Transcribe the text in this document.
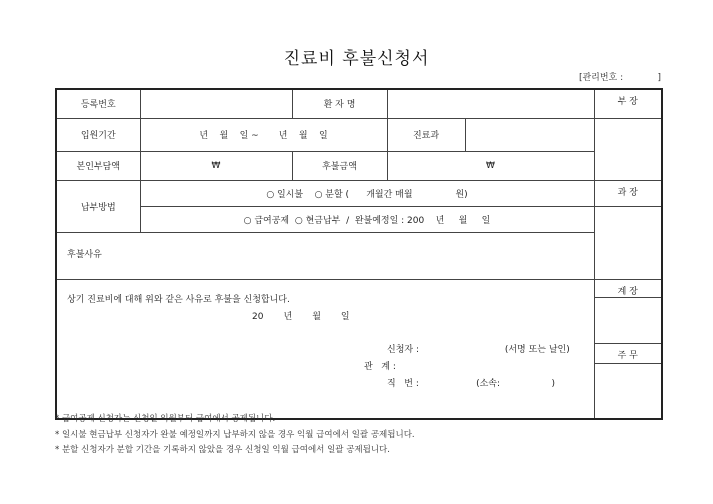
진료비 후불신청서
[관리번호 :	]
등록번호		환 자 명			부 장
입원기간	년    월    일 ~       년    월    일		진료과		
본인부담액	₩	후불금액	₩		
납부방법	○ 일시불    ○ 분할 (      개월간 매월               원)				과 장
	○ 급여공제  ○ 현금납부  /  완불예정일 : 200    년     월     일				
후불사유					

상기 진료비에 대해 위와 같은 사유로 후불을 신청합니다.
20       년       월       일
신청자 : (서명 또는 날인)
관   계 :
직   번 : (소속:                  )					계 장

					주 무

* 급여공제 신청자는 신청일 익월부터 급여에서 공제됩니다.
* 일시불 현금납부 신청자가 완불 예정일까지 납부하지 않을 경우 익월 급여에서 일괄 공제됩니다.
* 분할 신청자가 분할 기간을 기록하지 않았을 경우 신청일 익월 급여에서 일괄 공제됩니다.
